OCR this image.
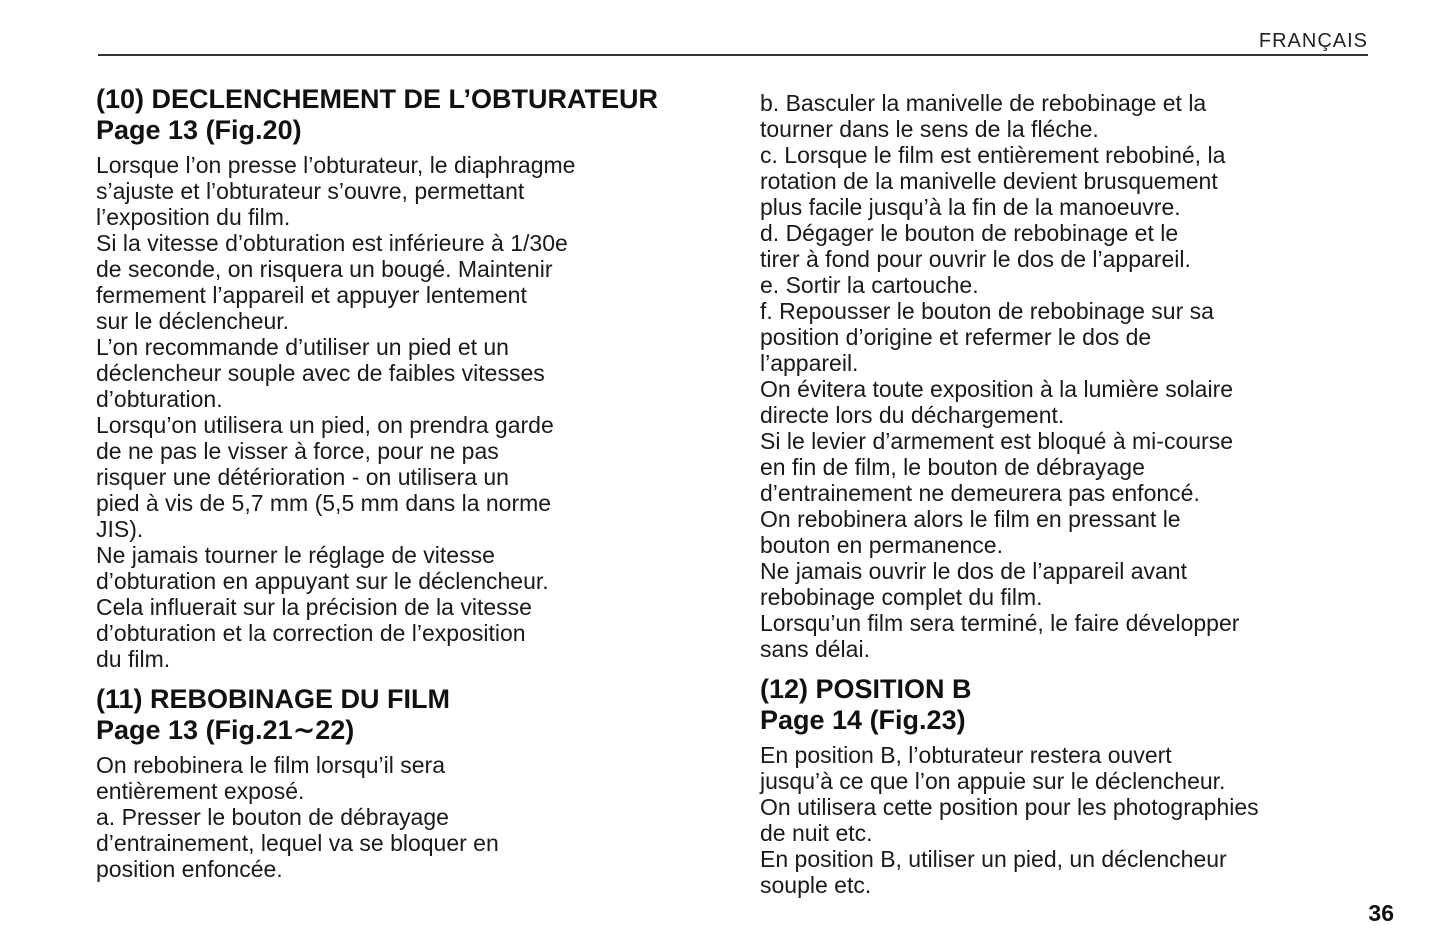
FRANÇAIS
(10) DECLENCHEMENT DE L’OBTURATEUR
Page 13 (Fig.20)

Lorsque l’on presse l’obturateur, le diaphragme
s’ajuste et l’obturateur s’ouvre, permettant
l’exposition du film.

Si la vitesse d’obturation est inférieure à 1/30e
de seconde, on risquera un bougé. Maintenir
fermement l’appareil et appuyer lentement
sur le déclencheur.

L’on recommande d’utiliser un pied et un
déclencheur souple avec de faibles vitesses
d’obturation.

Lorsqu’on utilisera un pied, on prendra garde
de ne pas le visser à force, pour ne pas
risquer une détérioration - on utilisera un
pied à vis de 5,7 mm (5,5 mm dans la norme
JIS).

Ne jamais tourner le réglage de vitesse
d’obturation en appuyant sur le déclencheur.
Cela influerait sur la précision de la vitesse
d’obturation et la correction de l’exposition
du film.

(11) REBOBINAGE DU FILM
Page 13 (Fig.21∼22)

On rebobinera le film lorsqu’il sera
entièrement exposé.

a. Presser le bouton de débrayage
d’entrainement, lequel va se bloquer en
position enfoncée.

b. Basculer la manivelle de rebobinage et la
tourner dans le sens de la fléche.

c. Lorsque le film est entièrement rebobiné, la
rotation de la manivelle devient brusquement
plus facile jusqu’à la fin de la manoeuvre.

d. Dégager le bouton de rebobinage et le
tirer à fond pour ouvrir le dos de l’appareil.

e. Sortir la cartouche.

f. Repousser le bouton de rebobinage sur sa
position d’origine et refermer le dos de
l’appareil.

On évitera toute exposition à la lumière solaire
directe lors du déchargement.

Si le levier d’armement est bloqué à mi-course
en fin de film, le bouton de débrayage
d’entrainement ne demeurera pas enfoncé.
On rebobinera alors le film en pressant le
bouton en permanence.

Ne jamais ouvrir le dos de l’appareil avant
rebobinage complet du film.

Lorsqu’un film sera terminé, le faire développer
sans délai.

(12) POSITION B
Page 14 (Fig.23)

En position B, l’obturateur restera ouvert
jusqu’à ce que l’on appuie sur le déclencheur.
On utilisera cette position pour les photographies
de nuit etc.

En position B, utiliser un pied, un déclencheur
souple etc.

36
